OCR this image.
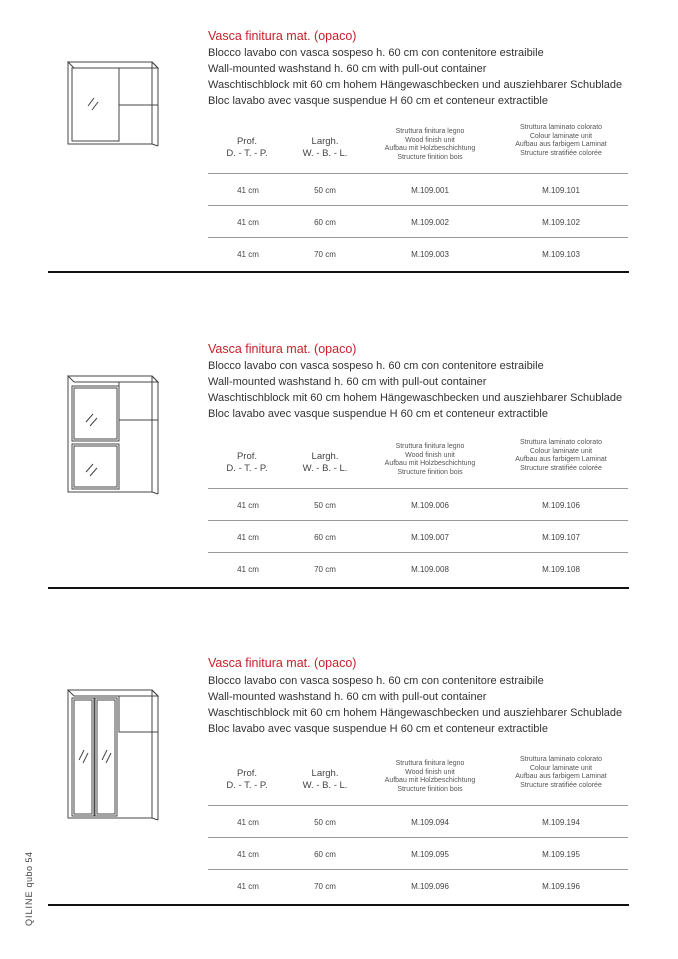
Vasca finitura mat. (opaco)
Blocco lavabo con vasca sospeso h. 60 cm con contenitore estraibile
Wall-mounted washstand h. 60 cm with pull-out container
Waschtischblock mit 60 cm hohem Hängewaschbecken und ausziehbarer Schublade
Bloc lavabo avec vasque suspendue H 60 cm et conteneur extractible
Prof.
D. - T. - P.
Largh.
W. - B. - L.
Struttura finitura legno
Wood finish unit
Aufbau mit Holzbeschichtung
Structure finition bois
Struttura laminato colorato
Colour laminate unit
Aufbau aus farbigem Laminat
Structure stratifiée colorée
41 cm	50 cm	M.109.001	M.109.101
41 cm	60 cm	M.109.002	M.109.102
41 cm	70 cm	M.109.003	M.109.103
Vasca finitura mat. (opaco)
Blocco lavabo con vasca sospeso h. 60 cm con contenitore estraibile
Wall-mounted washstand h. 60 cm with pull-out container
Waschtischblock mit 60 cm hohem Hängewaschbecken und ausziehbarer Schublade
Bloc lavabo avec vasque suspendue H 60 cm et conteneur extractible
Prof.
D. - T. - P.
Largh.
W. - B. - L.
Struttura finitura legno
Wood finish unit
Aufbau mit Holzbeschichtung
Structure finition bois
Struttura laminato colorato
Colour laminate unit
Aufbau aus farbigem Laminat
Structure stratifiée colorée
41 cm	50 cm	M.109.006	M.109.106
41 cm	60 cm	M.109.007	M.109.107
41 cm	70 cm	M.109.008	M.109.108
Vasca finitura mat. (opaco)
Blocco lavabo con vasca sospeso h. 60 cm con contenitore estraibile
Wall-mounted washstand h. 60 cm with pull-out container
Waschtischblock mit 60 cm hohem Hängewaschbecken und ausziehbarer Schublade
Bloc lavabo avec vasque suspendue H 60 cm et conteneur extractible
Prof.
D. - T. - P.
Largh.
W. - B. - L.
Struttura finitura legno
Wood finish unit
Aufbau mit Holzbeschichtung
Structure finition bois
Struttura laminato colorato
Colour laminate unit
Aufbau aus farbigem Laminat
Structure stratifiée colorée
41 cm	50 cm	M.109.094	M.109.194
41 cm	60 cm	M.109.095	M.109.195
41 cm	70 cm	M.109.096	M.109.196
QILINE qubo 54
